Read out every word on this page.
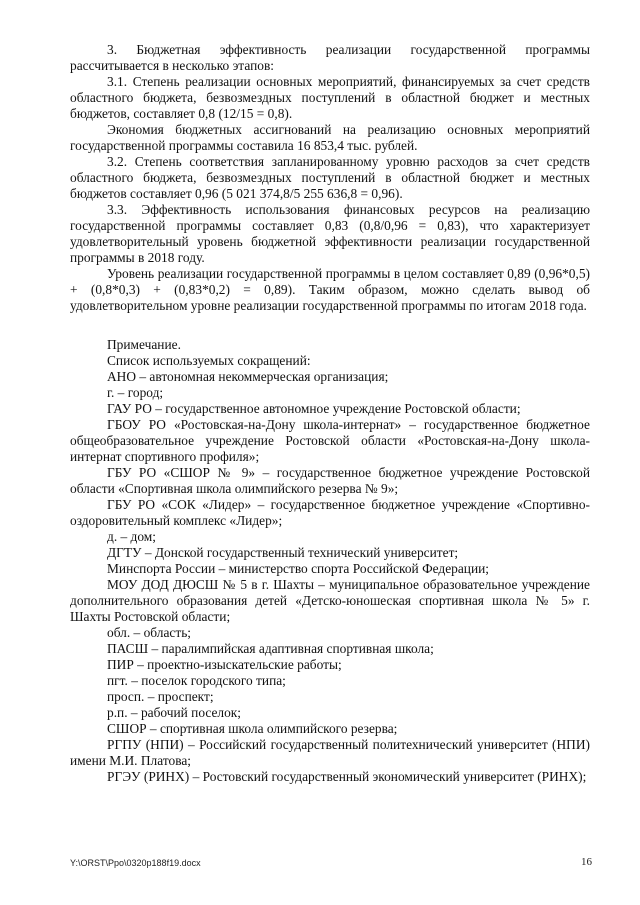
3. Бюджетная эффективность реализации государственной программы рассчитывается в несколько этапов:

3.1. Степень реализации основных мероприятий, финансируемых за счет средств областного бюджета, безвозмездных поступлений в областной бюджет и местных бюджетов, составляет 0,8 (12/15 = 0,8).

Экономия бюджетных ассигнований на реализацию основных мероприятий государственной программы составила 16 853,4 тыс. рублей.

3.2. Степень соответствия запланированному уровню расходов за счет средств областного бюджета, безвозмездных поступлений в областной бюджет и местных бюджетов составляет 0,96 (5 021 374,8/5 255 636,8 = 0,96).

3.3. Эффективность использования финансовых ресурсов на реализацию государственной программы составляет 0,83 (0,8/0,96 = 0,83), что характеризует удовлетворительный уровень бюджетной эффективности реализации государственной программы в 2018 году.

Уровень реализации государственной программы в целом составляет 0,89 (0,96*0,5) + (0,8*0,3) + (0,83*0,2) = 0,89). Таким образом, можно сделать вывод об удовлетворительном уровне реализации государственной программы по итогам 2018 года.

Примечание.

Список используемых сокращений:

АНО – автономная некоммерческая организация;

г. – город;

ГАУ РО – государственное автономное учреждение Ростовской области;

ГБОУ РО «Ростовская-на-Дону школа-интернат» – государственное бюджетное общеобразовательное учреждение Ростовской области «Ростовская-на-Дону школа-интернат спортивного профиля»;

ГБУ РО «СШОР № 9» – государственное бюджетное учреждение Ростовской области «Спортивная школа олимпийского резерва № 9»;

ГБУ РО «СОК «Лидер» – государственное бюджетное учреждение «Спортивно-оздоровительный комплекс «Лидер»;

д. – дом;

ДГТУ – Донской государственный технический университет;

Минспорта России – министерство спорта Российской Федерации;

МОУ ДОД ДЮСШ № 5 в г. Шахты – муниципальное образовательное учреждение дополнительного образования детей «Детско-юношеская спортивная школа № 5» г. Шахты Ростовской области;

обл. – область;

ПАСШ – паралимпийская адаптивная спортивная школа;

ПИР – проектно-изыскательские работы;

пгт. – поселок городского типа;

просп. – проспект;

р.п. – рабочий поселок;

СШОР – спортивная школа олимпийского резерва;

РГПУ (НПИ) – Российский государственный политехнический университет (НПИ) имени М.И. Платова;

РГЭУ (РИНХ) – Ростовский государственный экономический университет (РИНХ);

Y:\ORST\Ppo\0320p188f19.docx	16
